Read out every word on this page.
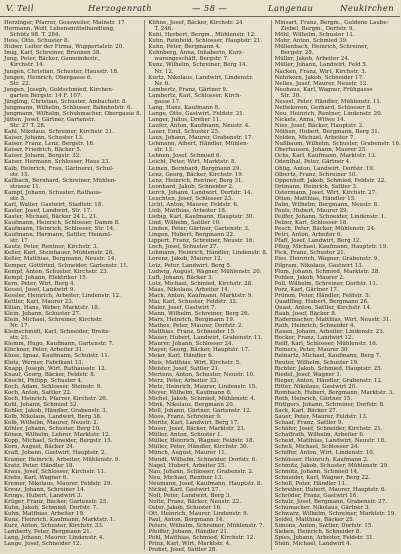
V. Teil	Herzogenrath	— 58 —	Langenau	Neukirchen

Herzinger, Pfarrer, Gossweiler, Mainstr. 17

Hermann, Wolf, Lebensmittelhandlung,

Schütz 98. T. 284.

Hess, Otto, Schuster 8.

Huber, Leiter der Firma, Wuppertalstr. 20.

Imig, Karl, Schreiner, Brunnen 38.

Jung, Peter, Bäcker, Gemeindestr.,

Kirchstr. 14.

Jungen, Christian, Schuster, Hausstr. 18.

Jungen, Heinrich, Obergasse 6.

Str. 22.

Jungen, Joseph, Goldschmied, Kirchen-

garten Bergstr. 14 F. 107.

Jüngling, Christian, Schuster, Ambachstr. 8.

Jungmann, Wilhelm, Schlosser, Bahnhofstr. 6.

Jungmann, Wilhelm, Schuhmacher, Obergasse 8.

Jütten, Josef, Gärtner, Gartenstr.

Str. 27 T. 28.

Kahl, Nikolaus, Schreiner, Kirchstr. 21.

Kaiser, Johann, Schuster 13.

Kaiser, Franz, Lenz, Bergstr. 16.

Kaiser, Friedrich, Bäcker 5.

Kaiser, Johann, Bergstr. 32.

Kaiser, Hermann, Schlosser, Haus 23.

Kalb, Heinrich, Frau, Gärtnerei, Schul-

str. 15.

Kallbach, Bernhard, Schreiner, Mühlen-

strasse 11.

Kampf, Johann, Schuster, Rathaus-

str. 5.

Karl, Walter, Gastwirt, Stadtstr. 18.

Kaster, Josef, Landwirt, Str. 17.

Kaster, Michael, Bäcker 24 L. 21.

Kaufmann, Heinrich, Schlosser, Damm 8.

Kaufmann, Heinrich, Schlosser, Str. 14.

Kaufmann, Hermann, Sattler, Heinzel-

str. 17.

Kautz, Peter, Rentner, Kirchstr. 3.

Keller, Karl, Steinhauer, Mühlenstr. 28.

Keller, Matthias, Bergmann, Neustr. 14.

Kemper, Gottfried, Schneider, Gartenstr. 11.

Kempf, Anton, Schuster, Kirchstr. 23.

Kempf, Johann, Elektriker 15.

Kern, Peter, Wirt, Berg 4.

Kessel, Josef, Landwirt 9.

Kessler, Heinrich, Arbeiter, Lindenstr. 12.

Kettler, Karl, Maurer 23.

Kilian, Hans, Weber, Marktstr. 18.

Klein, Johann, Schuster 27.

Klein, Michael, Schreiner, Kirchstr.

Nr. 17.

Kleinschmidt, Karl, Schneider, Breite-

str. 21.

Klemm, Hugo, Kaufmann, Gartenstr. 7.

Klöckner, Peter, Arbeiter 31.

Klose, Ignaz, Kaufmann, Schulstr. 11.

Klotz, Werner, Fabrikant 13.

Knapp, Joseph, Wirt, Rathausstr. 12.

Knauf, Georg, Bäcker, Feldstr. 8.

Knecht, Philipp, Schuster 4.

Koch, Adam, Schlosser, Steinstr. 9.

Koch, Anton, Sattler 22.

Koch, Heinrich, Pfarrer, Kirchstr. 26.

Kohl, Johann, Schmied 32.

Kohler, Jakob, Händler, Grabenstr. 3.

Kolb, Nikolaus, Landwirt, Berg 38.

Kolb, Wilhelm, Maurer, Neustr. 2.

Köhler, Johann, Schuster, Berg 10.

Könen, Wilhelm, Lehrer, Marktstr. 12.

Kopp, Michael, Schneider, Bergstr. 15.

Korn, August, Bäcker 24.

Kraft, Johann, Gastwirt, Hauptstr. 2.

Kramer, Heinrich, Arbeiter, Mühlenstr. 9.

Kratz, Peter, Händler 18.

Kraus, Josef, Schlosser, Kirchstr. 11.

Krebs, Karl, Wagner 6.

Kremer, Nikolaus, Maurer, Feldstr. 29.

Kreuz, Johann, Schreiner 14.

Krings, Hubert, Landwirt 3.

Krüger, Franz, Bäcker, Gartenstr. 25.

Kuhn, Jakob, Schmied, Dorfstr. 7.

Kuhn, Matthias, Arbeiter 19.

Kunz, Heinrich, Kaufmann, Marktstr. 1.

Kurz, Anton, Schuster, Kirchstr. 33.

Lamberty, Peter, Bergmann 21.

Lang, Johann, Maurer, Lindenstr. 4.

Lange, Josef, Schneider 12.

Kühne, Josef, Bäcker, Kirchstr. 24

T. 246.

Kuhl, Herbert, Bergm., Mühlenstr. 12.

Kuhn, Reinhold, Schlosser, Hauptstr. 21.

Kuhn, Peter, Bergmann 4.

Kuhnberg, Anna, Inhaberin, Kurz-

warengeschäft, Bergstr. 7.

Kunz, Wilhelm, Schreiner, Berg 14.

Nr. 12.

Kurtz, Nikolaus, Landwirt, Lindenstr.

Nr. 6.

Lambertz, Franz, Gärtner 9.

Lambertz, Karl, Schlosser, Kirch-

gasse 17.

Lang, Hans, Kaufmann 8.

Lange, Otto, Gastwirt, Feldstr. 21.

Langer, Julius, Dreher 11.

Laufer, Anton, Kaufmann, Neustr. 4.

Lauer, Emil, Schuster 25.

Laux, Johann, Maurer, Grabenstr. 17.

Lehmann, Albert, Händler, Mühlen-

str. 13.

Lehnen, Josef, Schmied 6.

Leicht, Peter, Wirt, Marktstr. 8.

Leinen, Bernhard, Bergmann 29.

Lenz, Georg, Bäcker, Kirchstr. 19.

Lenz, Heinrich, Rentner, Berg 31.

Leonhard, Jakob, Schneider 2.

Lerch, Johann, Landwirt, Dorfstr. 14.

Leuchten, Josef, Schlosser 23.

Licht, Anton, Maurer, Feldstr. 6.

Lieb, Matthias, Arbeiter 18.

Liebig, Karl, Kaufmann, Hauptstr. 30.

Lind, Wilhelm, Sattler 10.

Linden, Peter, Gärtner, Gartenstr. 3.

Lingen, Hubert, Bergmann 22.

Lippert, Franz, Schreiner, Neustr. 16.

Loch, Josef, Schuster 27.

Lohmann, Heinrich, Händler, Lindenstr. 8.

Lorenz, Jakob, Maurer 12.

Lotz, Peter, Landwirt, Berg 5.

Ludwig, August, Wagner, Mühlenstr. 20.

Luft, Johann, Bäcker 3.

Lutz, Michael, Schmied, Kirchstr. 28.

Maas, Nikolaus, Arbeiter 14.

Mack, Anton, Kaufmann, Marktstr. 9.

Mai, Karl, Schuster, Feldstr. 32.

Maier, Josef, Gastwirt 7.

Mann, Wilhelm, Schreiner, Berg 26.

Marx, Heinrich, Bergmann 19.

Mathes, Peter, Maurer, Dorfstr. 2.

Matthias, Franz, Schneider 15.

Mauer, Hubert, Landwirt, Grabenstr. 11.

Maurer, Johann, Schlosser 24.

Mayer, Georg, Bäcker, Hauptstr. 17.

Meier, Karl, Händler 6.

Meis, Matthias, Wirt, Kirchstr. 5.

Meister, Josef, Sattler 21.

Mertens, Anton, Schuster, Neustr. 10.

Merz, Peter, Arbeiter 33.

Metz, Heinrich, Maurer, Lindenstr. 15.

Meyer, Wilhelm, Kaufmann 8.

Michel, Jakob, Schmied, Mühlenstr. 4.

Mink, Nikolaus, Bergmann 20.

Moll, Johann, Gärtner, Gartenstr. 12.

Moos, Franz, Schreiner 9.

Moritz, Karl, Landwirt, Berg 17.

Moser, Josef, Bäcker, Marktstr. 23.

Müller, Anton, Schuster 1.

Müller, Heinrich, Wagner, Feldstr. 18.

Müller, Peter, Händler, Kirchstr. 30.

Münch, August, Maurer 11.

Mundt, Wilhelm, Schneider, Dorfstr. 6.

Nagel, Hubert, Arbeiter 25.

Nau, Johann, Schlosser, Grabenstr. 2.

Neu, Michael, Rentner 13.

Neumann, Josef, Kaufmann, Hauptstr. 8.

Nickel, Karl, Gastwirt 27.

Noll, Peter, Landwirt, Berg 3.

Nolte, Franz, Bäcker, Neustr. 22.

Oster, Jakob, Schuster 16.

Ott, Heinrich, Maurer, Lindenstr. 9.

Paul, Anton, Bergmann 14.

Peters, Wilhelm, Schreiner, Mühlenstr. 7.

Pfeiffer, Johann, Händler 21.

Pohl, Matthias, Schmied, Kirchstr. 12.

Prinz, Karl, Wirt, Marktstr. 4.

Probst, Josef, Sattler 28.

Minsart, Franz, Bergm., Guldene Laube-

Ziebel, Bergm., Dorfstr. 9.

Möhl, Wilhelm, Schuster 11.

Mohr, Anton, Schmied 39.

Müllenbach, Heinrich, Schreiner,

Bergstr. 28.

Müller, Jakob, Arbeiter 24.

Müller, Johann, Landwirt, Feld 5.

Nacken, Franz, Wirt, Kirchstr. 3.

Nehrkorn, Jakob, Schneider 17.

Nelles, Josef, Maurer, Neustr. 12.

Neuhaus, Karl, Wagner, Frühgasse

Str. 30.

Nessel, Peter, Händler, Mühlenstr. 11.

Nettekoven, Gerhard, Schlosser 8.

Neu, Heinrich, Rentner, Lindenstr. 20.

Nickels, Anna, Witwe 14.

Nies, Josef, Bäcker, Hauptstr. 2.

Nöthen, Hubert, Bergmann, Berg 31.

Nolden, Michael, Arbeiter 7.

Nußbaum, Wilhelm, Schuster, Grabenstr. 16.

Oberhausen, Johann, Maurer 25.

Ochs, Karl, Kaufmann, Marktstr. 13.

Odenthal, Peter, Gärtner 4.

Ohlig, Anton, Landwirt, Dorfstr. 19.

Olbertz, Franz, Schreiner 10.

Oppenhoff, Jakob, Schmied, Feldstr. 22.

Ortmann, Heinrich, Sattler 3.

Ostermann, Josef, Wirt, Kirchstr. 27.

Otten, Matthias, Händler 15.

Palm, Wilhelm, Bergmann, Neustr. 8.

Pauls, Hubert, Maurer 29.

Peiffer, Johann, Schneider, Lindenstr. 1.

Pelzer, Karl, Schlosser 18.

Pesch, Peter, Bäcker, Mühlenstr. 24.

Petri, Anton, Arbeiter 6.

Pfaff, Josef, Landwirt, Berg 12.

Pflug, Michael, Kaufmann, Hauptstr. 19.

Pick, Franz, Schuster 21.

Pies, Heinrich, Wagner, Grabenstr. 9.

Pilgram, Nikolaus, Gastwirt 13.

Plum, Johann, Schmied, Marktstr. 28.

Pohlen, Jakob, Maurer 2.

Poll, Wilhelm, Schreiner, Dorfstr. 11.

Porz, Karl, Gärtner 17.

Prümm, Peter, Händler, Feldstr. 5.

Quadflieg, Hubert, Bergmann 26.

Quast, Anton, Sattler, Kirchstr. 14.

Raab, Josef, Bäcker 8.

Radermacher, Matthias, Wirt, Neustr. 31.

Rath, Heinrich, Schneider 4.

Rauen, Johann, Arbeiter, Lindenstr. 23.

Recker, Franz, Landwirt 12.

Reiff, Karl, Schlosser, Mühlenstr. 16.

Reiners, Peter, Maurer 30.

Reinartz, Michael, Kaufmann, Berg 7.

Reuter, Wilhelm, Schuster 19.

Richter, Jakob, Schmied, Hauptstr. 25.

Riedel, Josef, Wagner 1.

Rieger, Anton, Händler, Grabenstr. 12.

Ritter, Nikolaus, Gastwirt 20.

Rombach, Hubert, Bergmann, Marktstr. 3.

Roth, Heinrich, Gärtner 15.

Rüttgers, Johann, Schreiner, Dorfstr. 8.

Sack, Karl, Bäcker 27.

Sauer, Peter, Maurer, Feldstr. 13.

Schaaf, Franz, Sattler 9.

Schäfer, Josef, Schneider, Kirchstr. 21.

Schaffrath, Wilhelm, Arbeiter 6.

Scheid, Matthias, Landwirt, Neustr. 18.

Schell, Michael, Schlosser 24.

Schiffer, Anton, Wirt, Lindenstr. 10.

Schlösser, Heinrich, Kaufmann 2.

Schmitz, Jakob, Schuster, Mühlenstr. 29.

Schmitz, Johann, Schmied 14.

Schneider, Karl, Wagner, Berg 22.

Scholl, Peter, Händler 11.

Schreiber, Hubert, Maurer, Hauptstr. 6.

Schröder, Franz, Gastwirt 16.

Schulz, Josef, Bergmann, Grabenstr. 27.

Schumacher, Nikolaus, Gärtner 3.

Schwarz, Wilhelm, Schreiner, Marktstr. 19.

Seidel, Matthias, Bäcker 25.

Simons, Anton, Sattler, Dorfstr. 15.

Sieben, Heinrich, Schneider 8.

Spies, Johann, Arbeiter, Feldstr. 31.

Stein, Michael, Landwirt 4.
